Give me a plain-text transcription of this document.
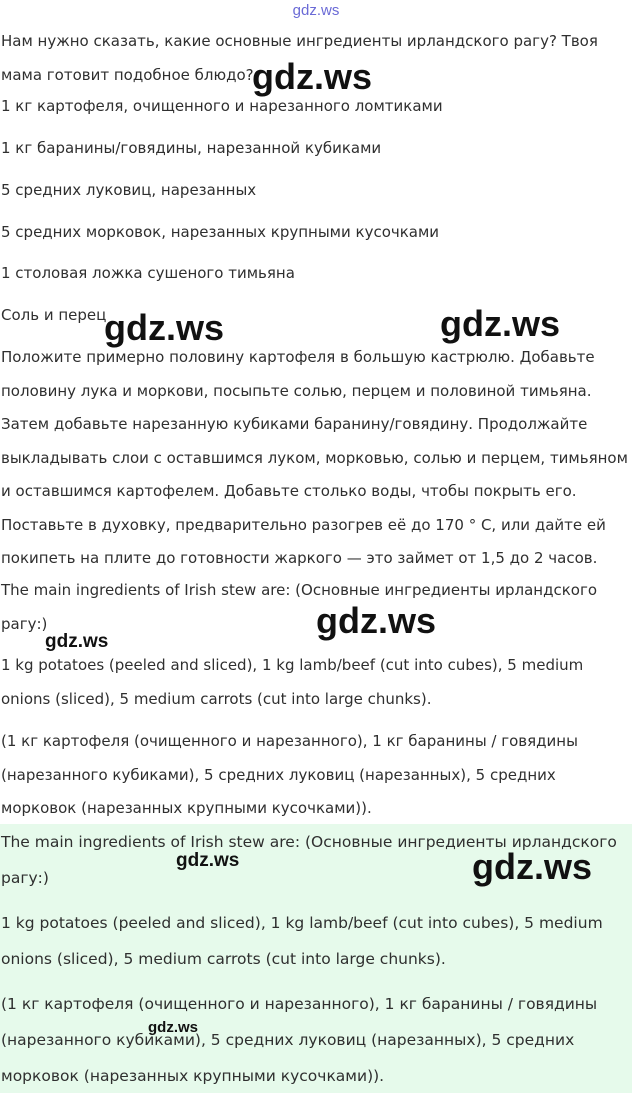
gdz.ws

Нам нужно сказать, какие основные ингредиенты ирландского рагу? Твоя мама готовит подобное блюдо?

1 кг картофеля, очищенного и нарезанного ломтиками

1 кг баранины/говядины, нарезанной кубиками

5 средних луковиц, нарезанных

5 средних морковок, нарезанных крупными кусочками

1 столовая ложка сушеного тимьяна

Соль и перец

Положите примерно половину картофеля в большую кастрюлю. Добавьте половину лука и моркови, посыпьте солью, перцем и половиной тимьяна. Затем добавьте нарезанную кубиками баранину/говядину. Продолжайте выкладывать слои с оставшимся луком, морковью, солью и перцем, тимьяном и оставшимся картофелем. Добавьте столько воды, чтобы покрыть его. Поставьте в духовку, предварительно разогрев её до 170 ° С, или дайте ей покипеть на плите до готовности жаркого — это займет от 1,5 до 2 часов.

The main ingredients of Irish stew are: (Основные ингредиенты ирландского рагу:)

1 kg potatoes (peeled and sliced), 1 kg lamb/beef (cut into cubes), 5 medium onions (sliced), 5 medium carrots (cut into large chunks).

(1 кг картофеля (очищенного и нарезанного), 1 кг баранины / говядины (нарезанного кубиками), 5 средних луковиц (нарезанных), 5 средних морковок (нарезанных крупными кусочками)).

The main ingredients of Irish stew are: (Основные ингредиенты ирландского рагу:)

1 kg potatoes (peeled and sliced), 1 kg lamb/beef (cut into cubes), 5 medium onions (sliced), 5 medium carrots (cut into large chunks).

(1 кг картофеля (очищенного и нарезанного), 1 кг баранины / говядины (нарезанного кубиками), 5 средних луковиц (нарезанных), 5 средних морковок (нарезанных крупными кусочками)).

gdz.ws
gdz.ws	gdz.ws
gdz.ws
gdz.ws
gdz.ws	gdz.ws
gdz.ws
